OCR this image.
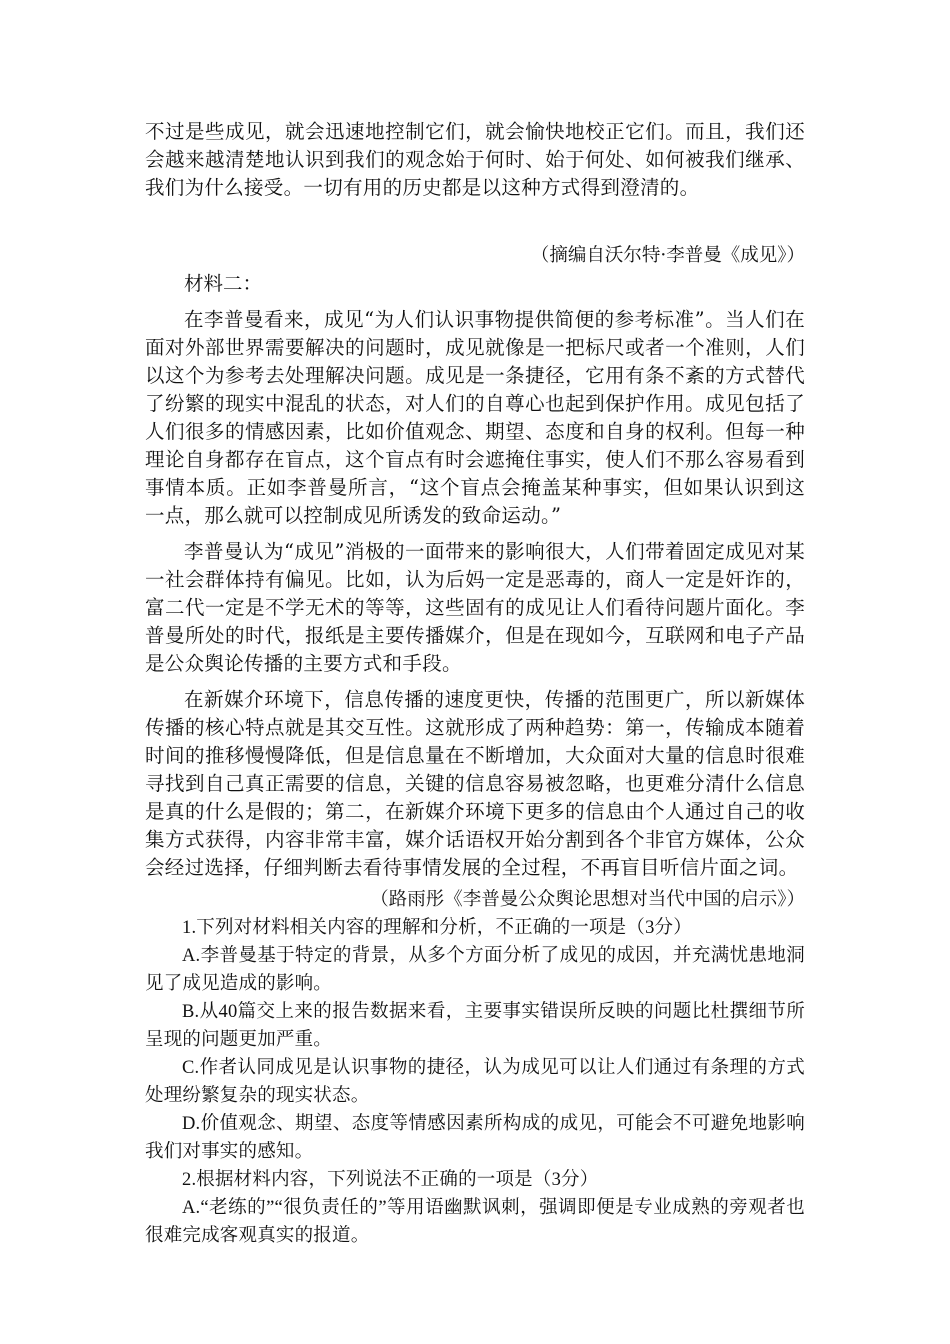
不过是些成见，就会迅速地控制它们，就会愉快地校正它们。而且，我们还会越来越清楚地认识到我们的观念始于何时、始于何处、如何被我们继承、我们为什么接受。一切有用的历史都是以这种方式得到澄清的。

（摘编自沃尔特·李普曼《成见》）

材料二：

在李普曼看来，成见“为人们认识事物提供简便的参考标准”。当人们在面对外部世界需要解决的问题时，成见就像是一把标尺或者一个准则，人们以这个为参考去处理解决问题。成见是一条捷径，它用有条不紊的方式替代了纷繁的现实中混乱的状态，对人们的自尊心也起到保护作用。成见包括了人们很多的情感因素，比如价值观念、期望、态度和自身的权利。但每一种理论自身都存在盲点，这个盲点有时会遮掩住事实，使人们不那么容易看到事情本质。正如李普曼所言，“这个盲点会掩盖某种事实，但如果认识到这一点，那么就可以控制成见所诱发的致命运动。”

李普曼认为“成见”消极的一面带来的影响很大，人们带着固定成见对某一社会群体持有偏见。比如，认为后妈一定是恶毒的，商人一定是奸诈的，富二代一定是不学无术的等等，这些固有的成见让人们看待问题片面化。李普曼所处的时代，报纸是主要传播媒介，但是在现如今，互联网和电子产品是公众舆论传播的主要方式和手段。

在新媒介环境下，信息传播的速度更快，传播的范围更广，所以新媒体传播的核心特点就是其交互性。这就形成了两种趋势：第一，传输成本随着时间的推移慢慢降低，但是信息量在不断增加，大众面对大量的信息时很难寻找到自己真正需要的信息，关键的信息容易被忽略，也更难分清什么信息是真的什么是假的；第二，在新媒介环境下更多的信息由个人通过自己的收集方式获得，内容非常丰富，媒介话语权开始分割到各个非官方媒体，公众会经过选择，仔细判断去看待事情发展的全过程，不再盲目听信片面之词。

（路雨彤《李普曼公众舆论思想对当代中国的启示》）

1.下列对材料相关内容的理解和分析，不正确的一项是（3分）

A.李普曼基于特定的背景，从多个方面分析了成见的成因，并充满忧患地洞见了成见造成的影响。

B.从40篇交上来的报告数据来看，主要事实错误所反映的问题比杜撰细节所呈现的问题更加严重。

C.作者认同成见是认识事物的捷径，认为成见可以让人们通过有条理的方式处理纷繁复杂的现实状态。

D.价值观念、期望、态度等情感因素所构成的成见，可能会不可避免地影响我们对事实的感知。

2.根据材料内容，下列说法不正确的一项是（3分）

A.“老练的”“很负责任的”等用语幽默讽刺，强调即便是专业成熟的旁观者也很难完成客观真实的报道。
